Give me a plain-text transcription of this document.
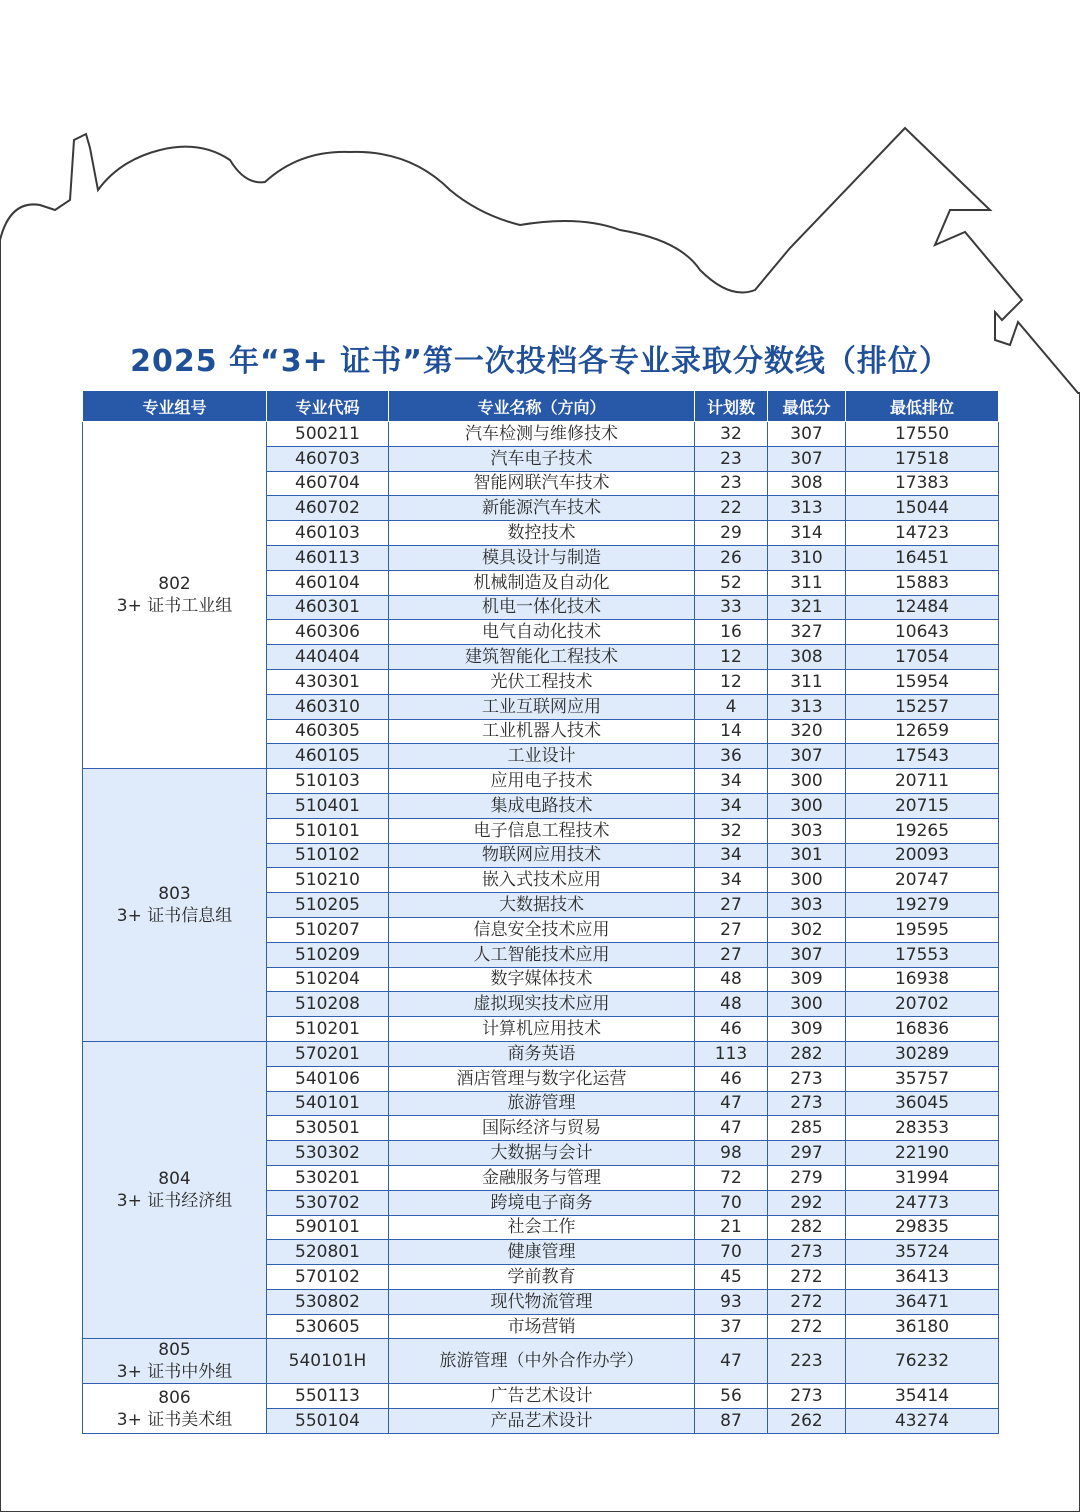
2025 年“3+ 证书”第一次投档各专业录取分数线（排位）
专业组号	专业代码	专业名称（方向）	计划数	最低分	最低排位

802
3+ 证书工业组	500211	汽车检测与维修技术	32	307	17550
	460703	汽车电子技术	23	307	17518
	460704	智能网联汽车技术	23	308	17383
	460702	新能源汽车技术	22	313	15044
	460103	数控技术	29	314	14723
	460113	模具设计与制造	26	310	16451
	460104	机械制造及自动化	52	311	15883
	460301	机电一体化技术	33	321	12484
	460306	电气自动化技术	16	327	10643
	440404	建筑智能化工程技术	12	308	17054
	430301	光伏工程技术	12	311	15954
	460310	工业互联网应用	4	313	15257
	460305	工业机器人技术	14	320	12659
	460105	工业设计	36	307	17543

803
3+ 证书信息组	510103	应用电子技术	34	300	20711
	510401	集成电路技术	34	300	20715
	510101	电子信息工程技术	32	303	19265
	510102	物联网应用技术	34	301	20093
	510210	嵌入式技术应用	34	300	20747
	510205	大数据技术	27	303	19279
	510207	信息安全技术应用	27	302	19595
	510209	人工智能技术应用	27	307	17553
	510204	数字媒体技术	48	309	16938
	510208	虚拟现实技术应用	48	300	20702
	510201	计算机应用技术	46	309	16836

804
3+ 证书经济组	570201	商务英语	113	282	30289
	540106	酒店管理与数字化运营	46	273	35757
	540101	旅游管理	47	273	36045
	530501	国际经济与贸易	47	285	28353
	530302	大数据与会计	98	297	22190
	530201	金融服务与管理	72	279	31994
	530702	跨境电子商务	70	292	24773
	590101	社会工作	21	282	29835
	520801	健康管理	70	273	35724
	570102	学前教育	45	272	36413
	530802	现代物流管理	93	272	36471
	530605	市场营销	37	272	36180

805
3+ 证书中外组	540101H	旅游管理（中外合作办学）	47	223	76232

806
3+ 证书美术组	550113	广告艺术设计	56	273	35414
	550104	产品艺术设计	87	262	43274
